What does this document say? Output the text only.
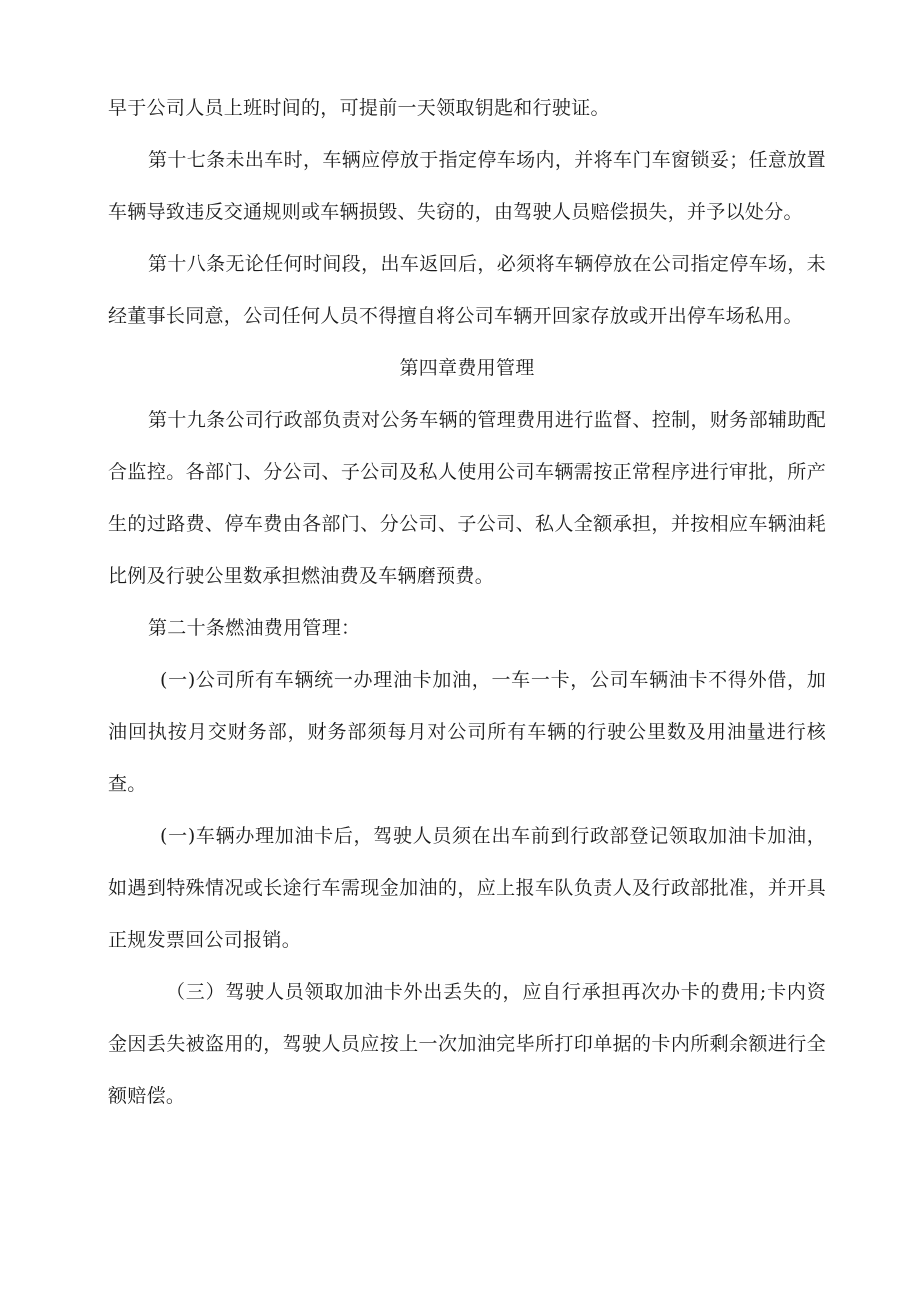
早于公司人员上班时间的，可提前一天领取钥匙和行驶证。

第十七条未出车时，车辆应停放于指定停车场内，并将车门车窗锁妥；任意放置车辆导致违反交通规则或车辆损毁、失窃的，由驾驶人员赔偿损失，并予以处分。

第十八条无论任何时间段，出车返回后，必须将车辆停放在公司指定停车场，未经董事长同意，公司任何人员不得擅自将公司车辆开回家存放或开出停车场私用。

第四章费用管理

第十九条公司行政部负责对公务车辆的管理费用进行监督、控制，财务部辅助配合监控。各部门、分公司、子公司及私人使用公司车辆需按正常程序进行审批，所产生的过路费、停车费由各部门、分公司、子公司、私人全额承担，并按相应车辆油耗比例及行驶公里数承担燃油费及车辆磨预费。

第二十条燃油费用管理：

(一)公司所有车辆统一办理油卡加油，一车一卡，公司车辆油卡不得外借，加油回执按月交财务部，财务部须每月对公司所有车辆的行驶公里数及用油量进行核查。

(一)车辆办理加油卡后，驾驶人员须在出车前到行政部登记领取加油卡加油，如遇到特殊情况或长途行车需现金加油的，应上报车队负责人及行政部批准，并开具正规发票回公司报销。

（三）驾驶人员领取加油卡外出丢失的，应自行承担再次办卡的费用;卡内资金因丢失被盗用的，驾驶人员应按上一次加油完毕所打印单据的卡内所剩余额进行全额赔偿。
